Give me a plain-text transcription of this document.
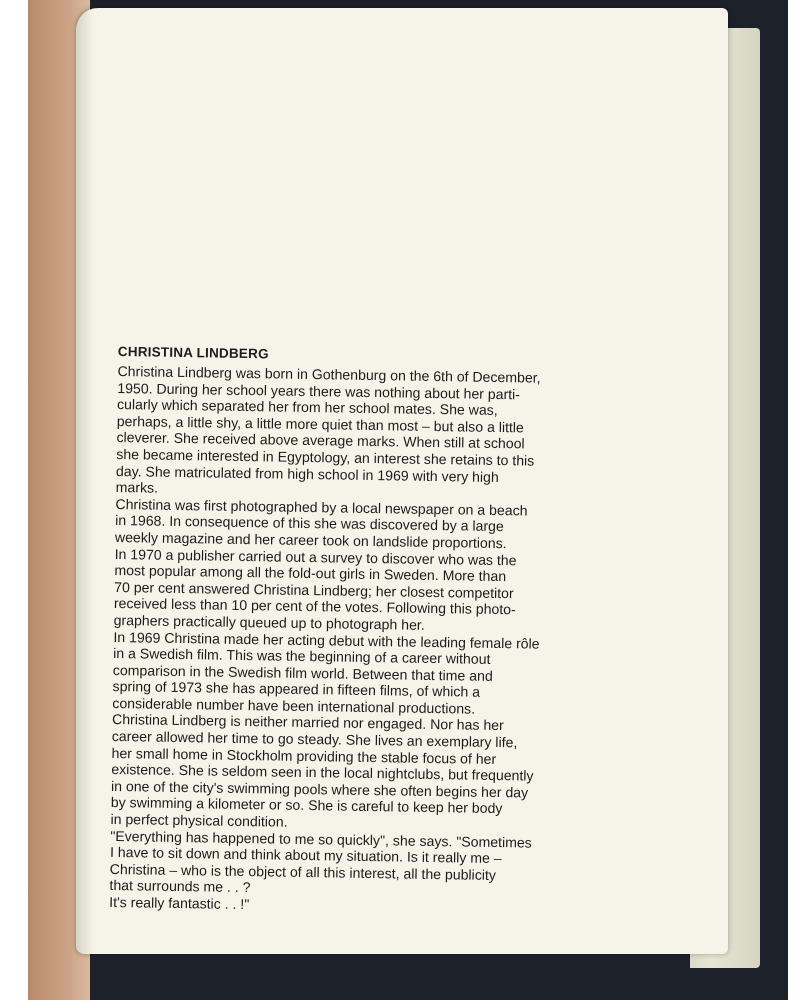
CHRISTINA LINDBERG

Christina Lindberg was born in Gothenburg on the 6th of December,
1950. During her school years there was nothing about her parti-
cularly which separated her from her school mates. She was,
perhaps, a little shy, a little more quiet than most – but also a little
cleverer. She received above average marks. When still at school
she became interested in Egyptology, an interest she retains to this
day. She matriculated from high school in 1969 with very high
marks.

Christina was first photographed by a local newspaper on a beach
in 1968. In consequence of this she was discovered by a large
weekly magazine and her career took on landslide proportions.

In 1970 a publisher carried out a survey to discover who was the
most popular among all the fold-out girls in Sweden. More than
70 per cent answered Christina Lindberg; her closest competitor
received less than 10 per cent of the votes. Following this photo-
graphers practically queued up to photograph her.

In 1969 Christina made her acting debut with the leading female rôle
in a Swedish film. This was the beginning of a career without
comparison in the Swedish film world. Between that time and
spring of 1973 she has appeared in fifteen films, of which a
considerable number have been international productions.

Christina Lindberg is neither married nor engaged. Nor has her
career allowed her time to go steady. She lives an exemplary life,
her small home in Stockholm providing the stable focus of her
existence. She is seldom seen in the local nightclubs, but frequently
in one of the city's swimming pools where she often begins her day
by swimming a kilometer or so. She is careful to keep her body
in perfect physical condition.

"Everything has happened to me so quickly", she says. "Sometimes
I have to sit down and think about my situation. Is it really me –
Christina – who is the object of all this interest, all the publicity
that surrounds me . . ?
It's really fantastic . . !"
